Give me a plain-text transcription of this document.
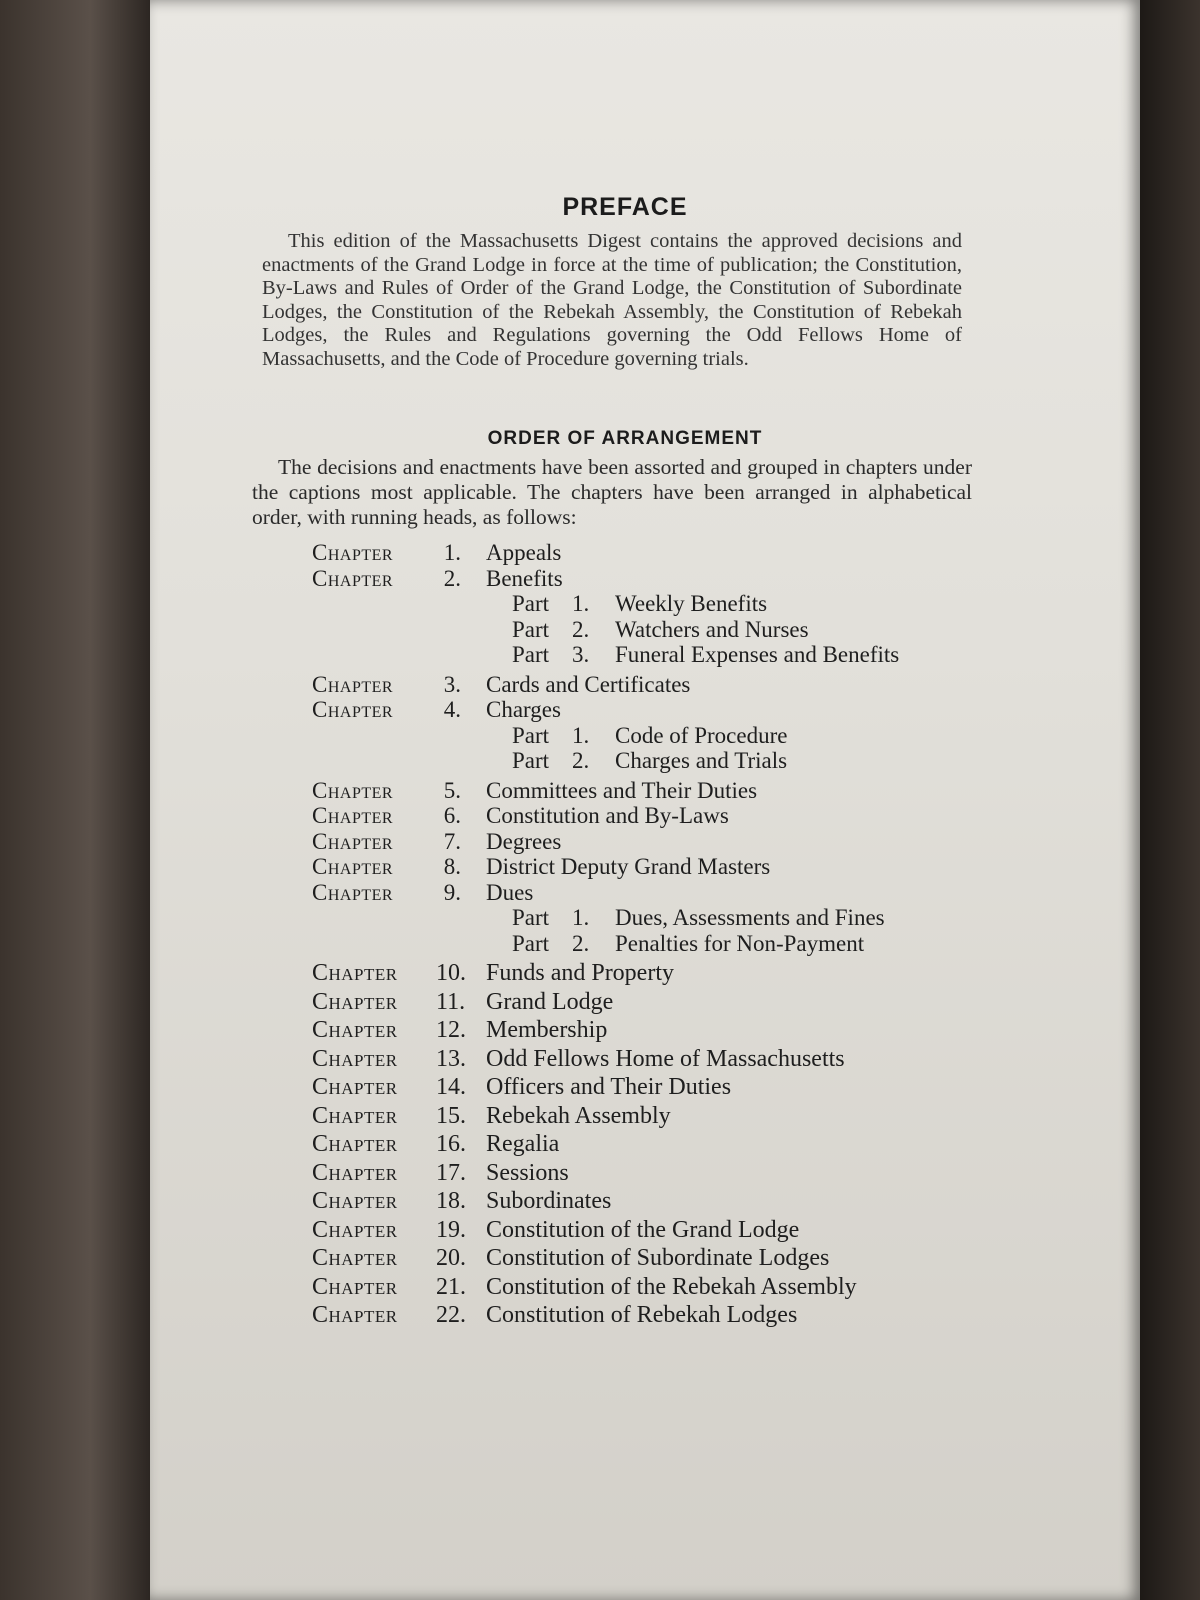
PREFACE

This edition of the Massachusetts Digest contains the approved decisions and enactments of the Grand Lodge in force at the time of publication; the Constitution, By-Laws and Rules of Order of the Grand Lodge, the Constitution of Subordinate Lodges, the Constitution of the Rebekah Assembly, the Constitution of Rebekah Lodges, the Rules and Regulations governing the Odd Fellows Home of Massachusetts, and the Code of Procedure governing trials.

ORDER OF ARRANGEMENT

The decisions and enactments have been assorted and grouped in chapters under the captions most applicable. The chapters have been arranged in alphabetical order, with running heads, as follows:

Chapter	1. Appeals
Chapter	2. Benefits
Part 1. Weekly Benefits
Part 2. Watchers and Nurses
Part 3. Funeral Expenses and Benefits
Chapter	3. Cards and Certificates
Chapter	4. Charges
Part 1. Code of Procedure
Part 2. Charges and Trials
Chapter	5. Committees and Their Duties
Chapter	6. Constitution and By-Laws
Chapter	7. Degrees
Chapter	8. District Deputy Grand Masters
Chapter	9. Dues
Part 1. Dues, Assessments and Fines
Part 2. Penalties for Non-Payment
Chapter 10. Funds and Property
Chapter 11. Grand Lodge
Chapter 12. Membership
Chapter 13. Odd Fellows Home of Massachusetts
Chapter 14. Officers and Their Duties
Chapter 15. Rebekah Assembly
Chapter 16. Regalia
Chapter 17. Sessions
Chapter 18. Subordinates
Chapter 19. Constitution of the Grand Lodge
Chapter 20. Constitution of Subordinate Lodges
Chapter 21. Constitution of the Rebekah Assembly
Chapter 22. Constitution of Rebekah Lodges
